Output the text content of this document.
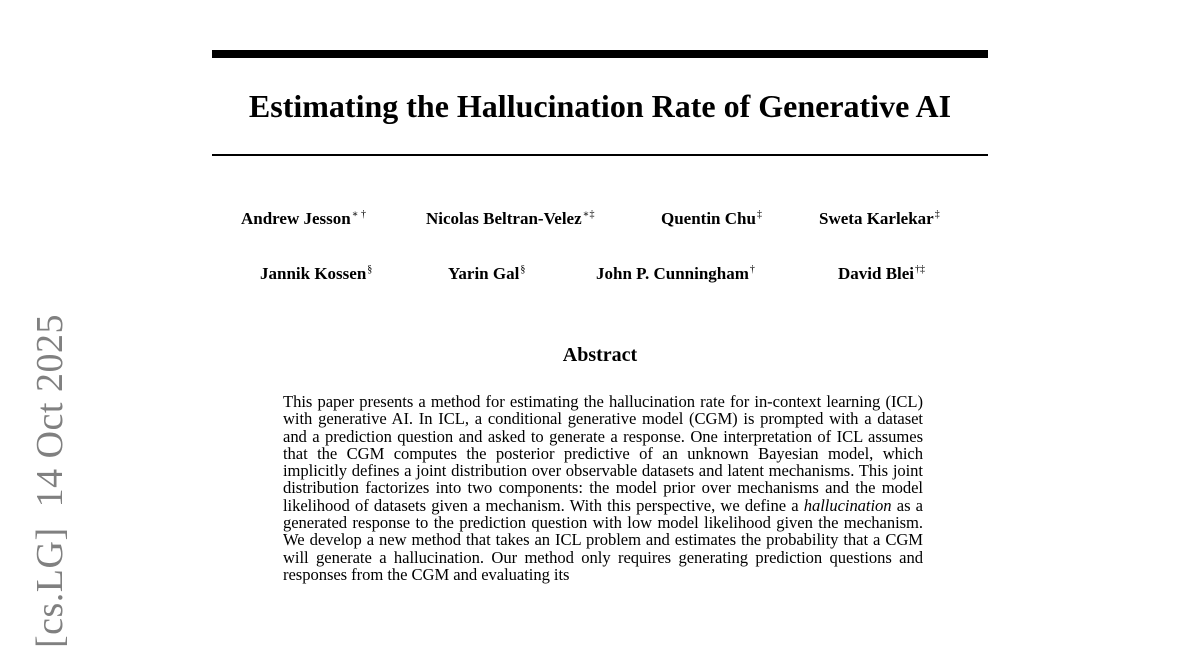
Estimating the Hallucination Rate of Generative AI
Andrew Jesson∗ †	Nicolas Beltran-Velez∗‡	Quentin Chu‡	Sweta Karlekar‡
Jannik Kossen§	Yarin Gal§	John P. Cunningham†	David Blei†‡
Abstract
This paper presents a method for estimating the hallucination rate for in-context learning (ICL) with generative AI. In ICL, a conditional generative model (CGM) is prompted with a dataset and a prediction question and asked to generate a response. One interpretation of ICL assumes that the CGM computes the posterior predictive of an unknown Bayesian model, which implicitly defines a joint distribution over observable datasets and latent mechanisms. This joint distribution factorizes into two components: the model prior over mechanisms and the model likelihood of datasets given a mechanism. With this perspective, we define a hallucination as a generated response to the prediction question with low model likelihood given the mechanism. We develop a new method that takes an ICL problem and estimates the probability that a CGM will generate a hallucination. Our method only requires generating prediction questions and responses from the CGM and evaluating its
[cs.LG]  14 Oct 2025
